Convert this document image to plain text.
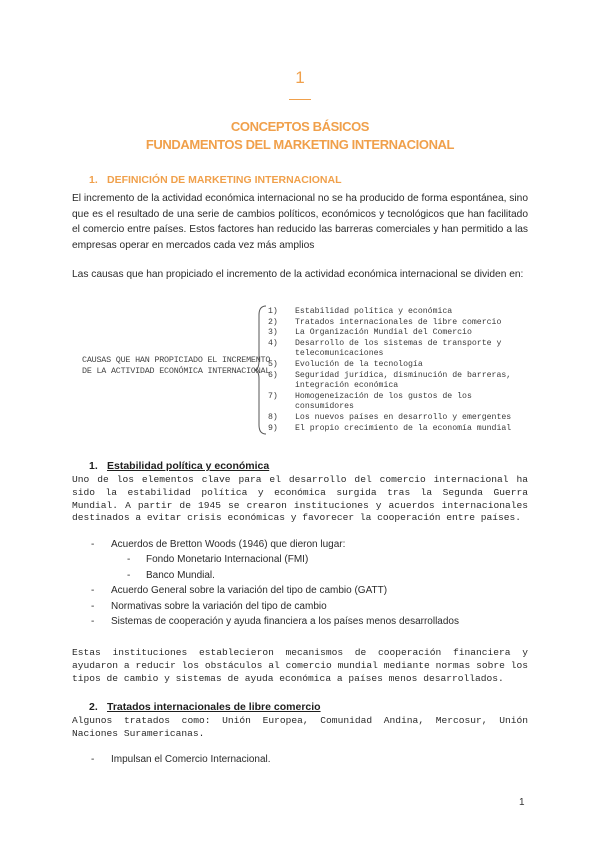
1
CONCEPTOS BÁSICOS
FUNDAMENTOS DEL MARKETING INTERNACIONAL
1. DEFINICIÓN DE MARKETING INTERNACIONAL
El incremento de la actividad económica internacional no se ha producido de forma espontánea, sino que es el resultado de una serie de cambios políticos, económicos y tecnológicos que han facilitado el comercio entre países. Estos factores han reducido las barreras comerciales y han permitido a las empresas operar en mercados cada vez más amplios
Las causas que han propiciado el incremento de la actividad económica internacional se dividen en:
CAUSAS QUE HAN PROPICIADO EL INCREMENTO DE LA ACTIVIDAD ECONÓMICA INTERNACIONAL
1)	Estabilidad política y económica
2)	Tratados internacionales de libre comercio
3)	La Organización Mundial del Comercio
4)	Desarrollo de los sistemas de transporte y telecomunicaciones
5)	Evolución de la tecnología
6)	Seguridad jurídica, disminución de barreras, integración económica
7)	Homogeneización de los gustos de los consumidores
8)	Los nuevos países en desarrollo y emergentes
9)	El propio crecimiento de la economía mundial
1. Estabilidad política y económica
Uno de los elementos clave para el desarrollo del comercio internacional ha sido la estabilidad política y económica surgida tras la Segunda Guerra Mundial. A partir de 1945 se crearon instituciones y acuerdos internacionales destinados a evitar crisis económicas y favorecer la cooperación entre países.
- Acuerdos de Bretton Woods (1946) que dieron lugar:
- Fondo Monetario Internacional (FMI)
- Banco Mundial.
- Acuerdo General sobre la variación del tipo de cambio (GATT)
- Normativas sobre la variación del tipo de cambio
- Sistemas de cooperación y ayuda financiera a los países menos desarrollados
Estas instituciones establecieron mecanismos de cooperación financiera y ayudaron a reducir los obstáculos al comercio mundial mediante normas sobre los tipos de cambio y sistemas de ayuda económica a países menos desarrollados.
2. Tratados internacionales de libre comercio
Algunos tratados como: Unión Europea, Comunidad Andina, Mercosur, Unión Naciones Suramericanas.
- Impulsan el Comercio Internacional.
1
